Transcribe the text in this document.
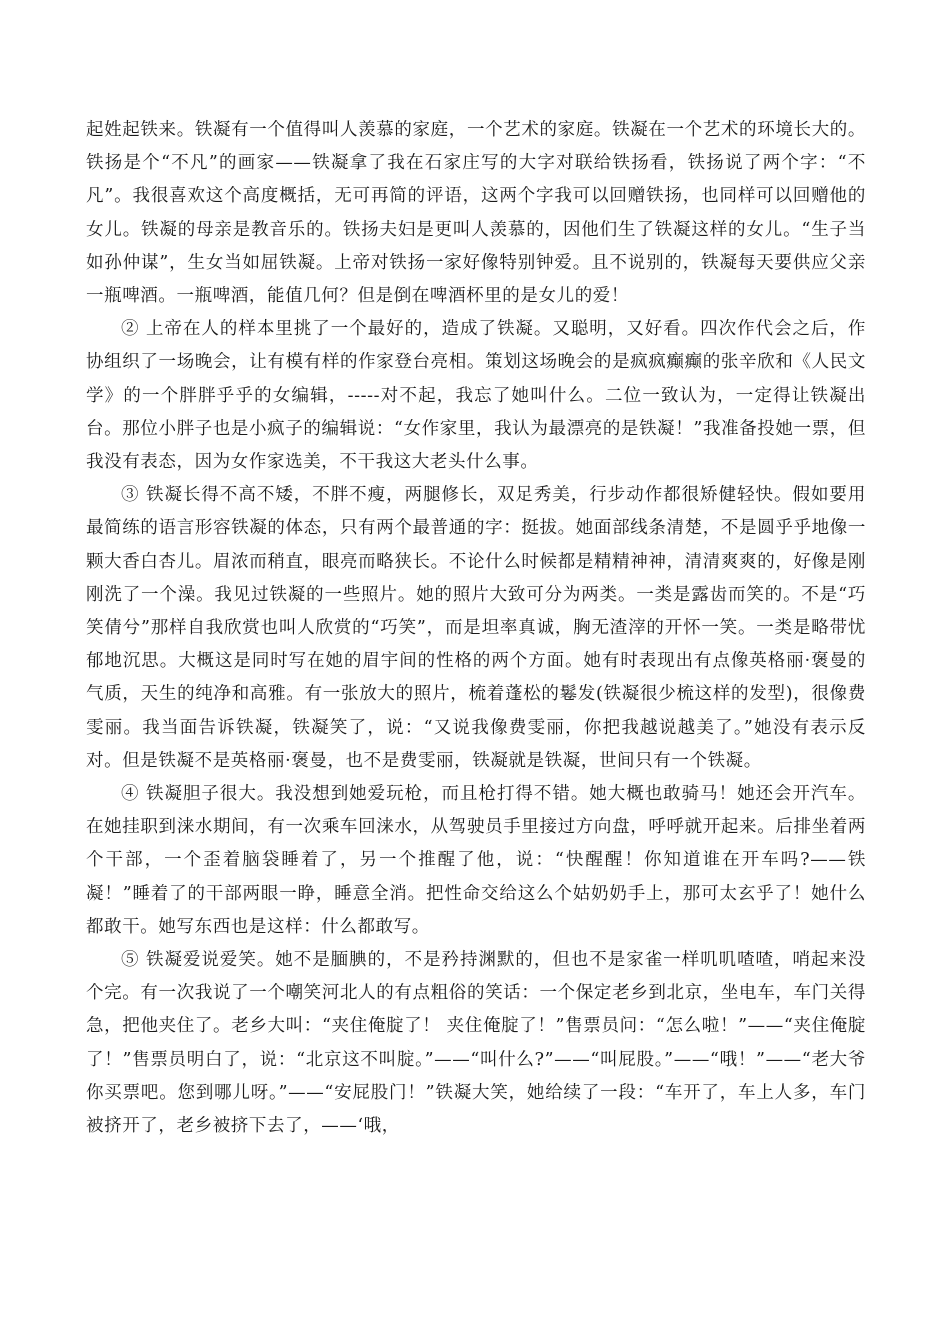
起姓起铁来。铁凝有一个值得叫人羡慕的家庭，一个艺术的家庭。铁凝在一个艺术的环境长大的。铁扬是个“不凡”的画家——铁凝拿了我在石家庄写的大字对联给铁扬看，铁扬说了两个字：“不凡”。我很喜欢这个高度概括，无可再简的评语，这两个字我可以回赠铁扬，也同样可以回赠他的女儿。铁凝的母亲是教音乐的。铁扬夫妇是更叫人羡慕的，因他们生了铁凝这样的女儿。“生子当如孙仲谋”，生女当如屈铁凝。上帝对铁扬一家好像特别钟爱。且不说别的，铁凝每天要供应父亲一瓶啤酒。一瓶啤酒，能值几何？但是倒在啤酒杯里的是女儿的爱！

② 上帝在人的样本里挑了一个最好的，造成了铁凝。又聪明，又好看。四次作代会之后，作协组织了一场晚会，让有模有样的作家登台亮相。策划这场晚会的是疯疯癫癫的张辛欣和《人民文学》的一个胖胖乎乎的女编辑，-----对不起，我忘了她叫什么。二位一致认为，一定得让铁凝出台。那位小胖子也是小疯子的编辑说：“女作家里，我认为最漂亮的是铁凝！”我准备投她一票，但我没有表态，因为女作家选美，不干我这大老头什么事。

③ 铁凝长得不高不矮，不胖不瘦，两腿修长，双足秀美，行步动作都很矫健轻快。假如要用最简练的语言形容铁凝的体态，只有两个最普通的字：挺拔。她面部线条清楚，不是圆乎乎地像一颗大香白杏儿。眉浓而稍直，眼亮而略狭长。不论什么时候都是精精神神，清清爽爽的，好像是刚刚洗了一个澡。我见过铁凝的一些照片。她的照片大致可分为两类。一类是露齿而笑的。不是“巧笑倩兮”那样自我欣赏也叫人欣赏的“巧笑”，而是坦率真诚，胸无渣滓的开怀一笑。一类是略带忧郁地沉思。大概这是同时写在她的眉宇间的性格的两个方面。她有时表现出有点像英格丽·褒曼的气质，天生的纯净和高雅。有一张放大的照片，梳着蓬松的鬈发(铁凝很少梳这样的发型)，很像费雯丽。我当面告诉铁凝，铁凝笑了，说：“又说我像费雯丽，你把我越说越美了。”她没有表示反对。但是铁凝不是英格丽·褒曼，也不是费雯丽，铁凝就是铁凝，世间只有一个铁凝。

④ 铁凝胆子很大。我没想到她爱玩枪，而且枪打得不错。她大概也敢骑马！她还会开汽车。在她挂职到涞水期间，有一次乘车回涞水，从驾驶员手里接过方向盘，呼呼就开起来。后排坐着两个干部，一个歪着脑袋睡着了，另一个推醒了他，说：“快醒醒！你知道谁在开车吗?——铁凝！”睡着了的干部两眼一睁，睡意全消。把性命交给这么个姑奶奶手上，那可太玄乎了！她什么都敢干。她写东西也是这样：什么都敢写。

⑤ 铁凝爱说爱笑。她不是腼腆的，不是矜持渊默的，但也不是家雀一样叽叽喳喳，哨起来没个完。有一次我说了一个嘲笑河北人的有点粗俗的笑话：一个保定老乡到北京，坐电车，车门关得急，把他夹住了。老乡大叫：“夹住俺腚了！ 夹住俺腚了！”售票员问：“怎么啦！”——“夹住俺腚了！”售票员明白了，说：“北京这不叫腚。”——“叫什么?”——“叫屁股。”——“哦！”——“老大爷你买票吧。您到哪儿呀。”——“安屁股门！”铁凝大笑，她给续了一段：“车开了，车上人多，车门被挤开了，老乡被挤下去了，——‘哦，
